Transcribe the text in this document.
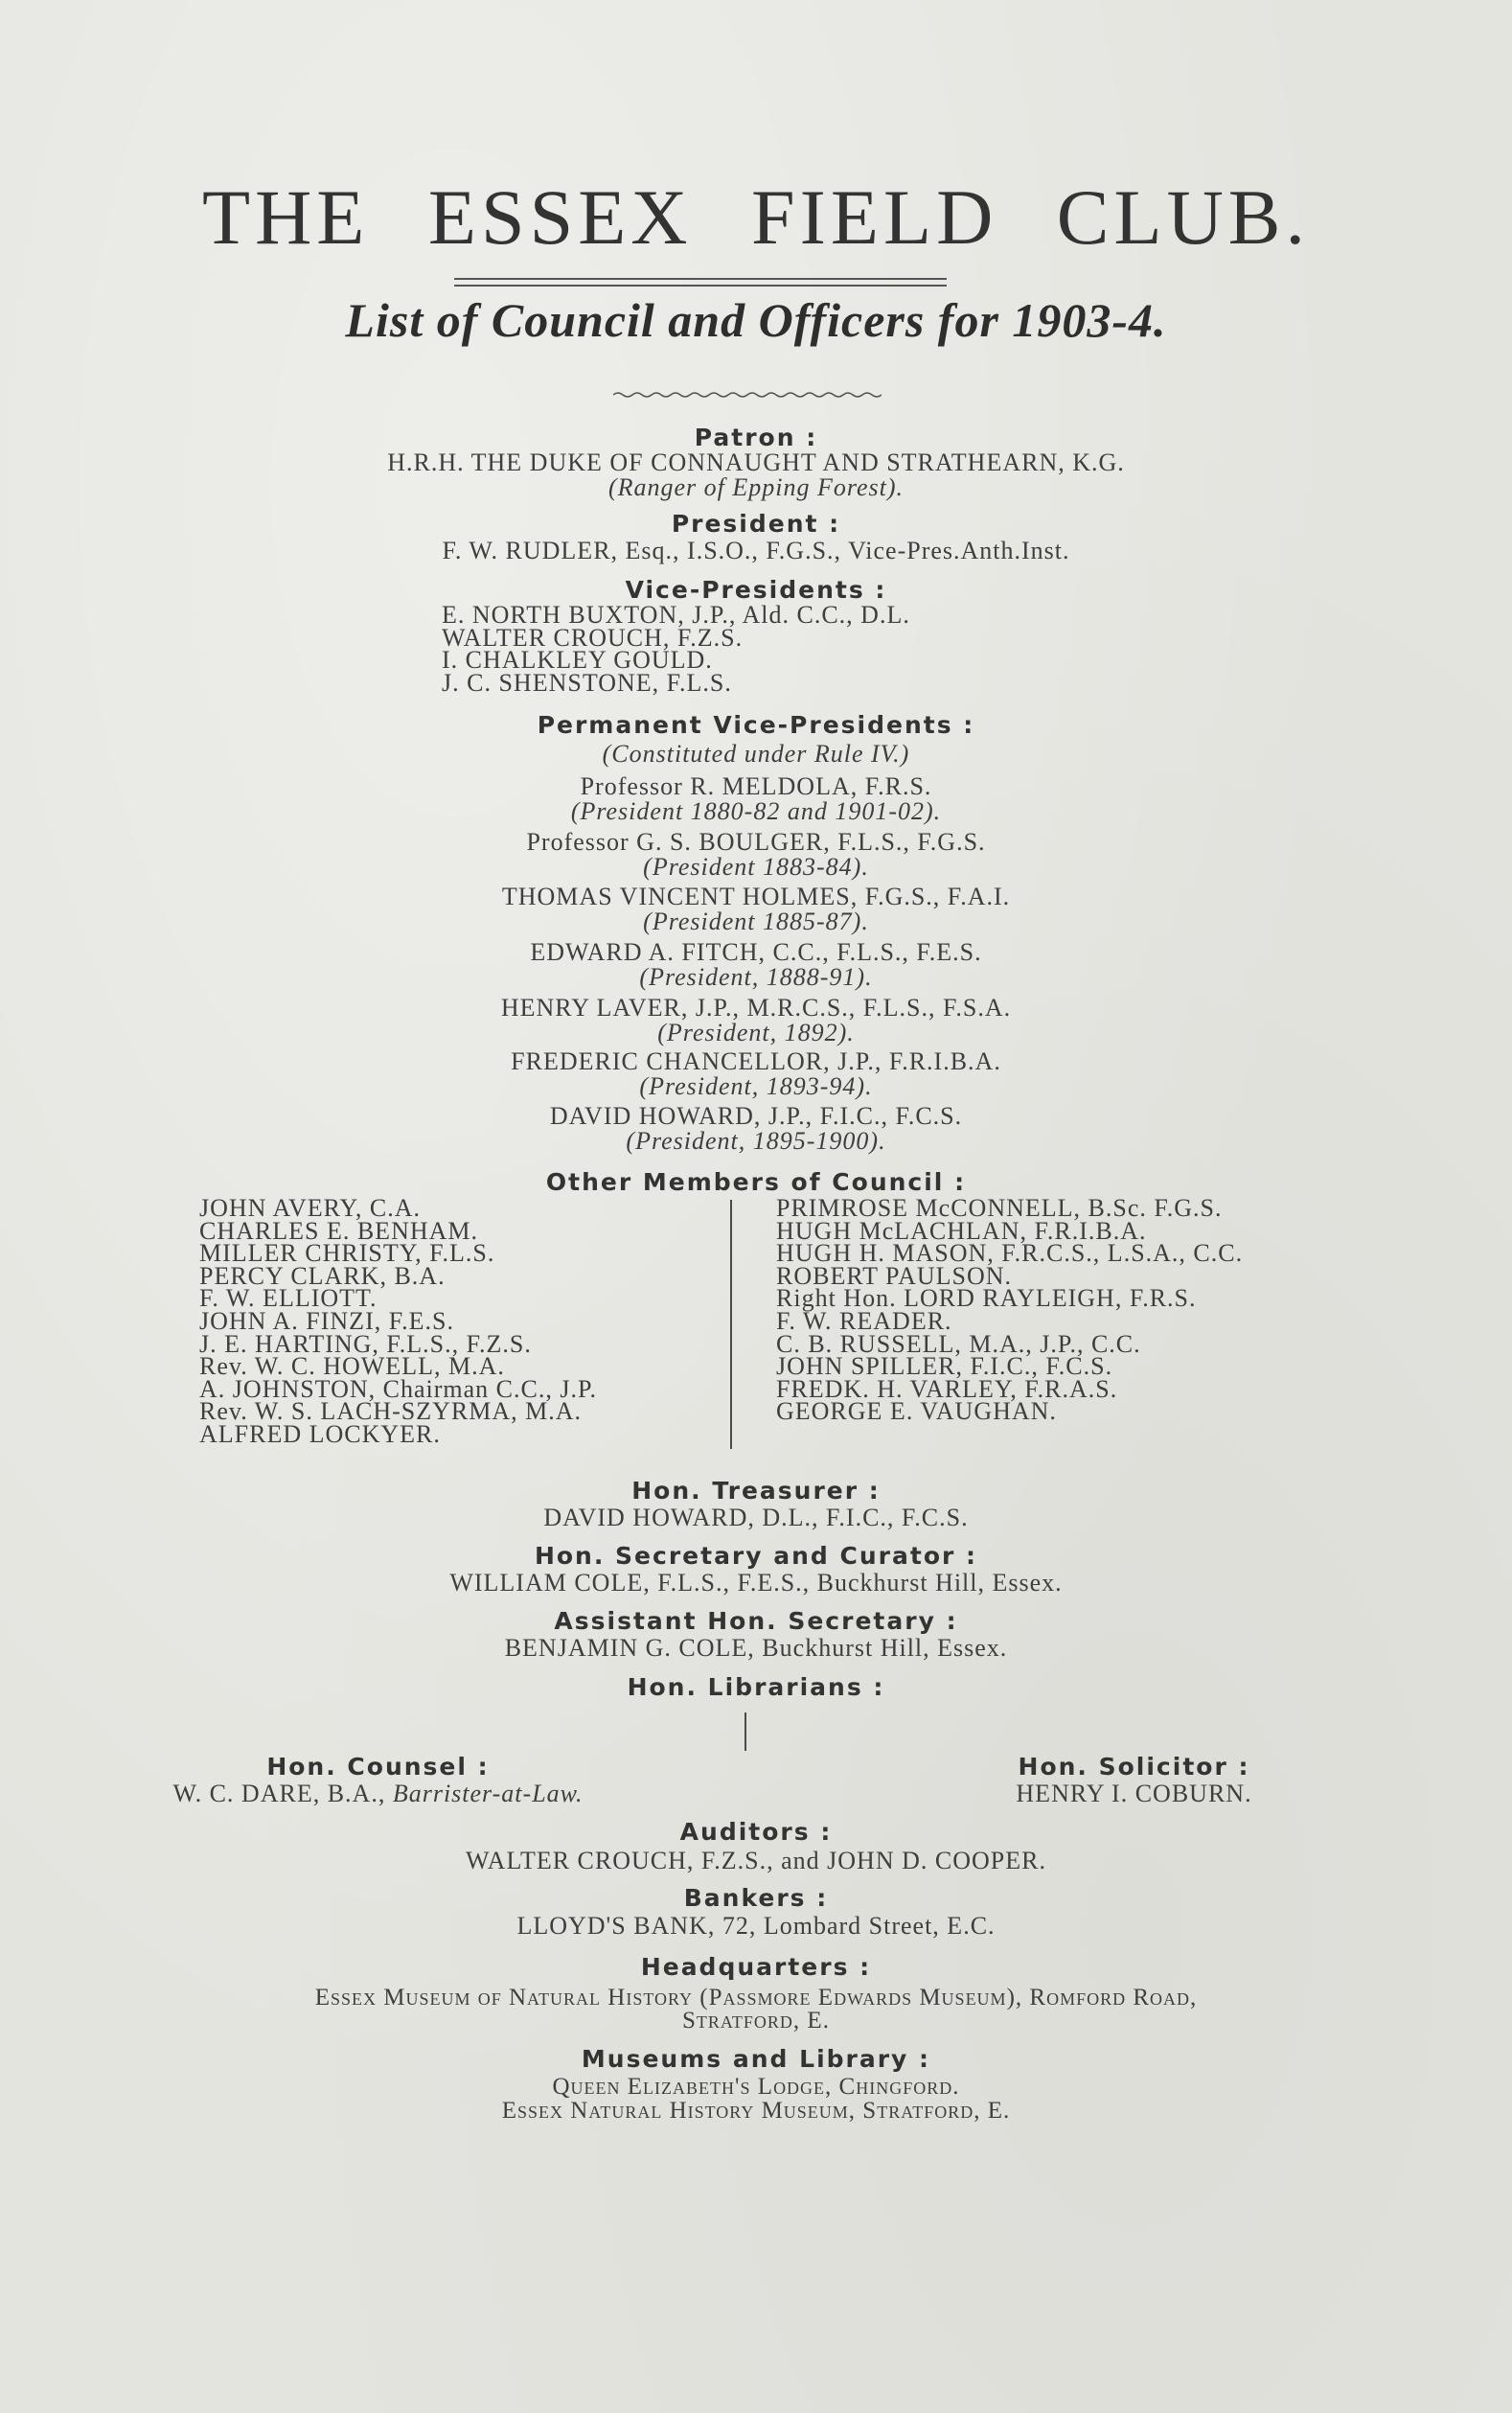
THE ESSEX FIELD CLUB.
List of Council and Officers for 1903-4.
Patron :
H.R.H. THE DUKE OF CONNAUGHT AND STRATHEARN, K.G.
(Ranger of Epping Forest).
President :
F. W. RUDLER, Esq., I.S.O., F.G.S., Vice-Pres.Anth.Inst.
Vice-Presidents :
E. NORTH BUXTON, J.P., Ald. C.C., D.L.
WALTER CROUCH, F.Z.S.
I. CHALKLEY GOULD.
J. C. SHENSTONE, F.L.S.
Permanent Vice-Presidents :
(Constituted under Rule IV.)
Professor R. MELDOLA, F.R.S.
(President 1880-82 and 1901-02).
Professor G. S. BOULGER, F.L.S., F.G.S.
(President 1883-84).
THOMAS VINCENT HOLMES, F.G.S., F.A.I.
(President 1885-87).
EDWARD A. FITCH, C.C., F.L.S., F.E.S.
(President, 1888-91).
HENRY LAVER, J.P., M.R.C.S., F.L.S., F.S.A.
(President, 1892).
FREDERIC CHANCELLOR, J.P., F.R.I.B.A.
(President, 1893-94).
DAVID HOWARD, J.P., F.I.C., F.C.S.
(President, 1895-1900).
Other Members of Council :
JOHN AVERY, C.A.
CHARLES E. BENHAM.
MILLER CHRISTY, F.L.S.
PERCY CLARK, B.A.
F. W. ELLIOTT.
JOHN A. FINZI, F.E.S.
J. E. HARTING, F.L.S., F.Z.S.
Rev. W. C. HOWELL, M.A.
A. JOHNSTON, Chairman C.C., J.P.
Rev. W. S. LACH-SZYRMA, M.A.
ALFRED LOCKYER.
PRIMROSE McCONNELL, B.Sc. F.G.S.
HUGH McLACHLAN, F.R.I.B.A.
HUGH H. MASON, F.R.C.S., L.S.A., C.C.
ROBERT PAULSON.
Right Hon. LORD RAYLEIGH, F.R.S.
F. W. READER.
C. B. RUSSELL, M.A., J.P., C.C.
JOHN SPILLER, F.I.C., F.C.S.
FREDK. H. VARLEY, F.R.A.S.
GEORGE E. VAUGHAN.
Hon. Treasurer :
DAVID HOWARD, D.L., F.I.C., F.C.S.
Hon. Secretary and Curator :
WILLIAM COLE, F.L.S., F.E.S., Buckhurst Hill, Essex.
Assistant Hon. Secretary :
BENJAMIN G. COLE, Buckhurst Hill, Essex.
Hon. Librarians :
Hon. Counsel :
W. C. DARE, B.A., Barrister-at-Law.
Hon. Solicitor :
HENRY I. COBURN.
Auditors :
WALTER CROUCH, F.Z.S., and JOHN D. COOPER.
Bankers :
LLOYD'S BANK, 72, Lombard Street, E.C.
Headquarters :
Essex Museum of Natural History (Passmore Edwards Museum), Romford Road,
Stratford, E.
Museums and Library :
Queen Elizabeth's Lodge, Chingford.
Essex Natural History Museum, Stratford, E.
